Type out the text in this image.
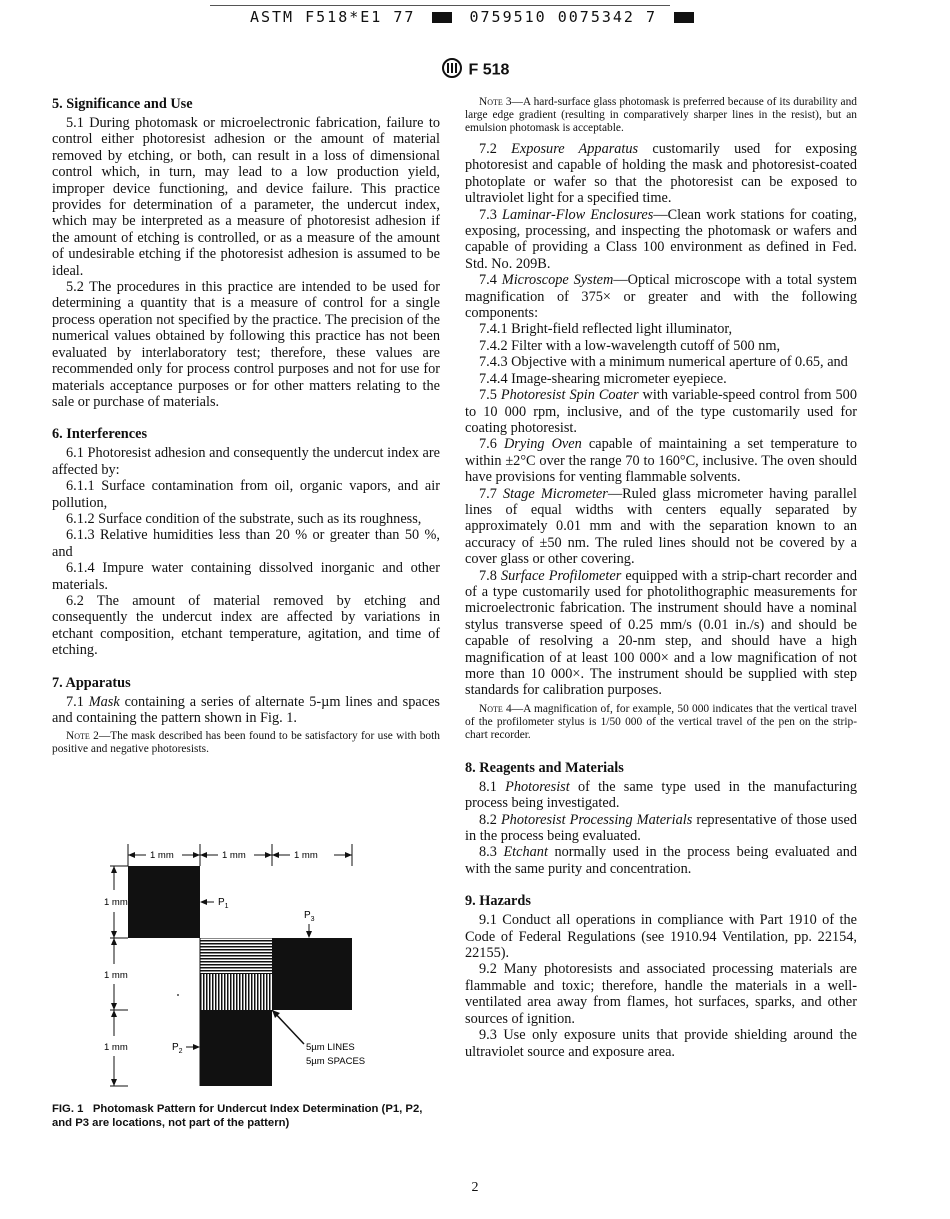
ASTM F518*E1 77	0759510 0075342 7
F 518
5. Significance and Use

5.1 During photomask or microelectronic fabrication, failure to control either photoresist adhesion or the amount of material removed by etching, or both, can result in a loss of dimensional control which, in turn, may lead to a low production yield, improper device functioning, and device failure. This practice provides for determination of a parameter, the undercut index, which may be interpreted as a measure of photoresist adhesion if the amount of etching is controlled, or as a measure of the amount of undesirable etching if the photoresist adhesion is assumed to be ideal.

5.2 The procedures in this practice are intended to be used for determining a quantity that is a measure of control for a single process operation not specified by the practice. The precision of the numerical values obtained by following this practice has not been evaluated by interlaboratory test; therefore, these values are recommended only for process control purposes and not for use for materials acceptance purposes or for other matters relating to the sale or purchase of materials.

6. Interferences

6.1 Photoresist adhesion and consequently the undercut index are affected by:

6.1.1 Surface contamination from oil, organic vapors, and air pollution,

6.1.2 Surface condition of the substrate, such as its roughness,

6.1.3 Relative humidities less than 20 % or greater than 50 %, and

6.1.4 Impure water containing dissolved inorganic and other materials.

6.2 The amount of material removed by etching and consequently the undercut index are affected by variations in etchant composition, etchant temperature, agitation, and time of etching.

7. Apparatus

7.1 Mask containing a series of alternate 5-µm lines and spaces and containing the pattern shown in Fig. 1.

Note 2—The mask described has been found to be satisfactory for use with both positive and negative photoresists.

1 mm	1 mm	1 mm
1 mm
1 mm
1 mm
$P_1$
$P_3$
$P_2$	5µm LINES
5µm SPACES
FIG. 1 Photomask Pattern for Undercut Index Determination (P1, P2, and P3 are locations, not part of the pattern)

Note 3—A hard-surface glass photomask is preferred because of its durability and large edge gradient (resulting in comparatively sharper lines in the resist), but an emulsion photomask is acceptable.

7.2 Exposure Apparatus customarily used for exposing photoresist and capable of holding the mask and photoresist-coated photoplate or wafer so that the photoresist can be exposed to ultraviolet light for a specified time.

7.3 Laminar-Flow Enclosures—Clean work stations for coating, exposing, processing, and inspecting the photomask or wafers and capable of providing a Class 100 environment as defined in Fed. Std. No. 209B.

7.4 Microscope System—Optical microscope with a total system magnification of 375× or greater and with the following components:

7.4.1 Bright-field reflected light illuminator,

7.4.2 Filter with a low-wavelength cutoff of 500 nm,

7.4.3 Objective with a minimum numerical aperture of 0.65, and

7.4.4 Image-shearing micrometer eyepiece.

7.5 Photoresist Spin Coater with variable-speed control from 500 to 10 000 rpm, inclusive, and of the type customarily used for coating photoresist.

7.6 Drying Oven capable of maintaining a set temperature to within ±2°C over the range 70 to 160°C, inclusive. The oven should have provisions for venting flammable solvents.

7.7 Stage Micrometer—Ruled glass micrometer having parallel lines of equal widths with centers equally separated by approximately 0.01 mm and with the separation known to an accuracy of ±50 nm. The ruled lines should not be covered by a cover glass or other covering.

7.8 Surface Profilometer equipped with a strip-chart recorder and of a type customarily used for photolithographic measurements for microelectronic fabrication. The instrument should have a nominal stylus transverse speed of 0.25 mm/s (0.01 in./s) and should be capable of resolving a 20-nm step, and should have a high magnification of at least 100 000× and a low magnification of not more than 10 000×. The instrument should be supplied with step standards for calibration purposes.

Note 4—A magnification of, for example, 50 000 indicates that the vertical travel of the profilometer stylus is 1/50 000 of the vertical travel of the pen on the strip-chart recorder.

8. Reagents and Materials

8.1 Photoresist of the same type used in the manufacturing process being investigated.

8.2 Photoresist Processing Materials representative of those used in the process being evaluated.

8.3 Etchant normally used in the process being evaluated and with the same purity and concentration.

9. Hazards

9.1 Conduct all operations in compliance with Part 1910 of the Code of Federal Regulations (see 1910.94 Ventilation, pp. 22154, 22155).

9.2 Many photoresists and associated processing materials are flammable and toxic; therefore, handle the materials in a well-ventilated area away from flames, hot surfaces, sparks, and other sources of ignition.

9.3 Use only exposure units that provide shielding around the ultraviolet source and exposure area.

2
